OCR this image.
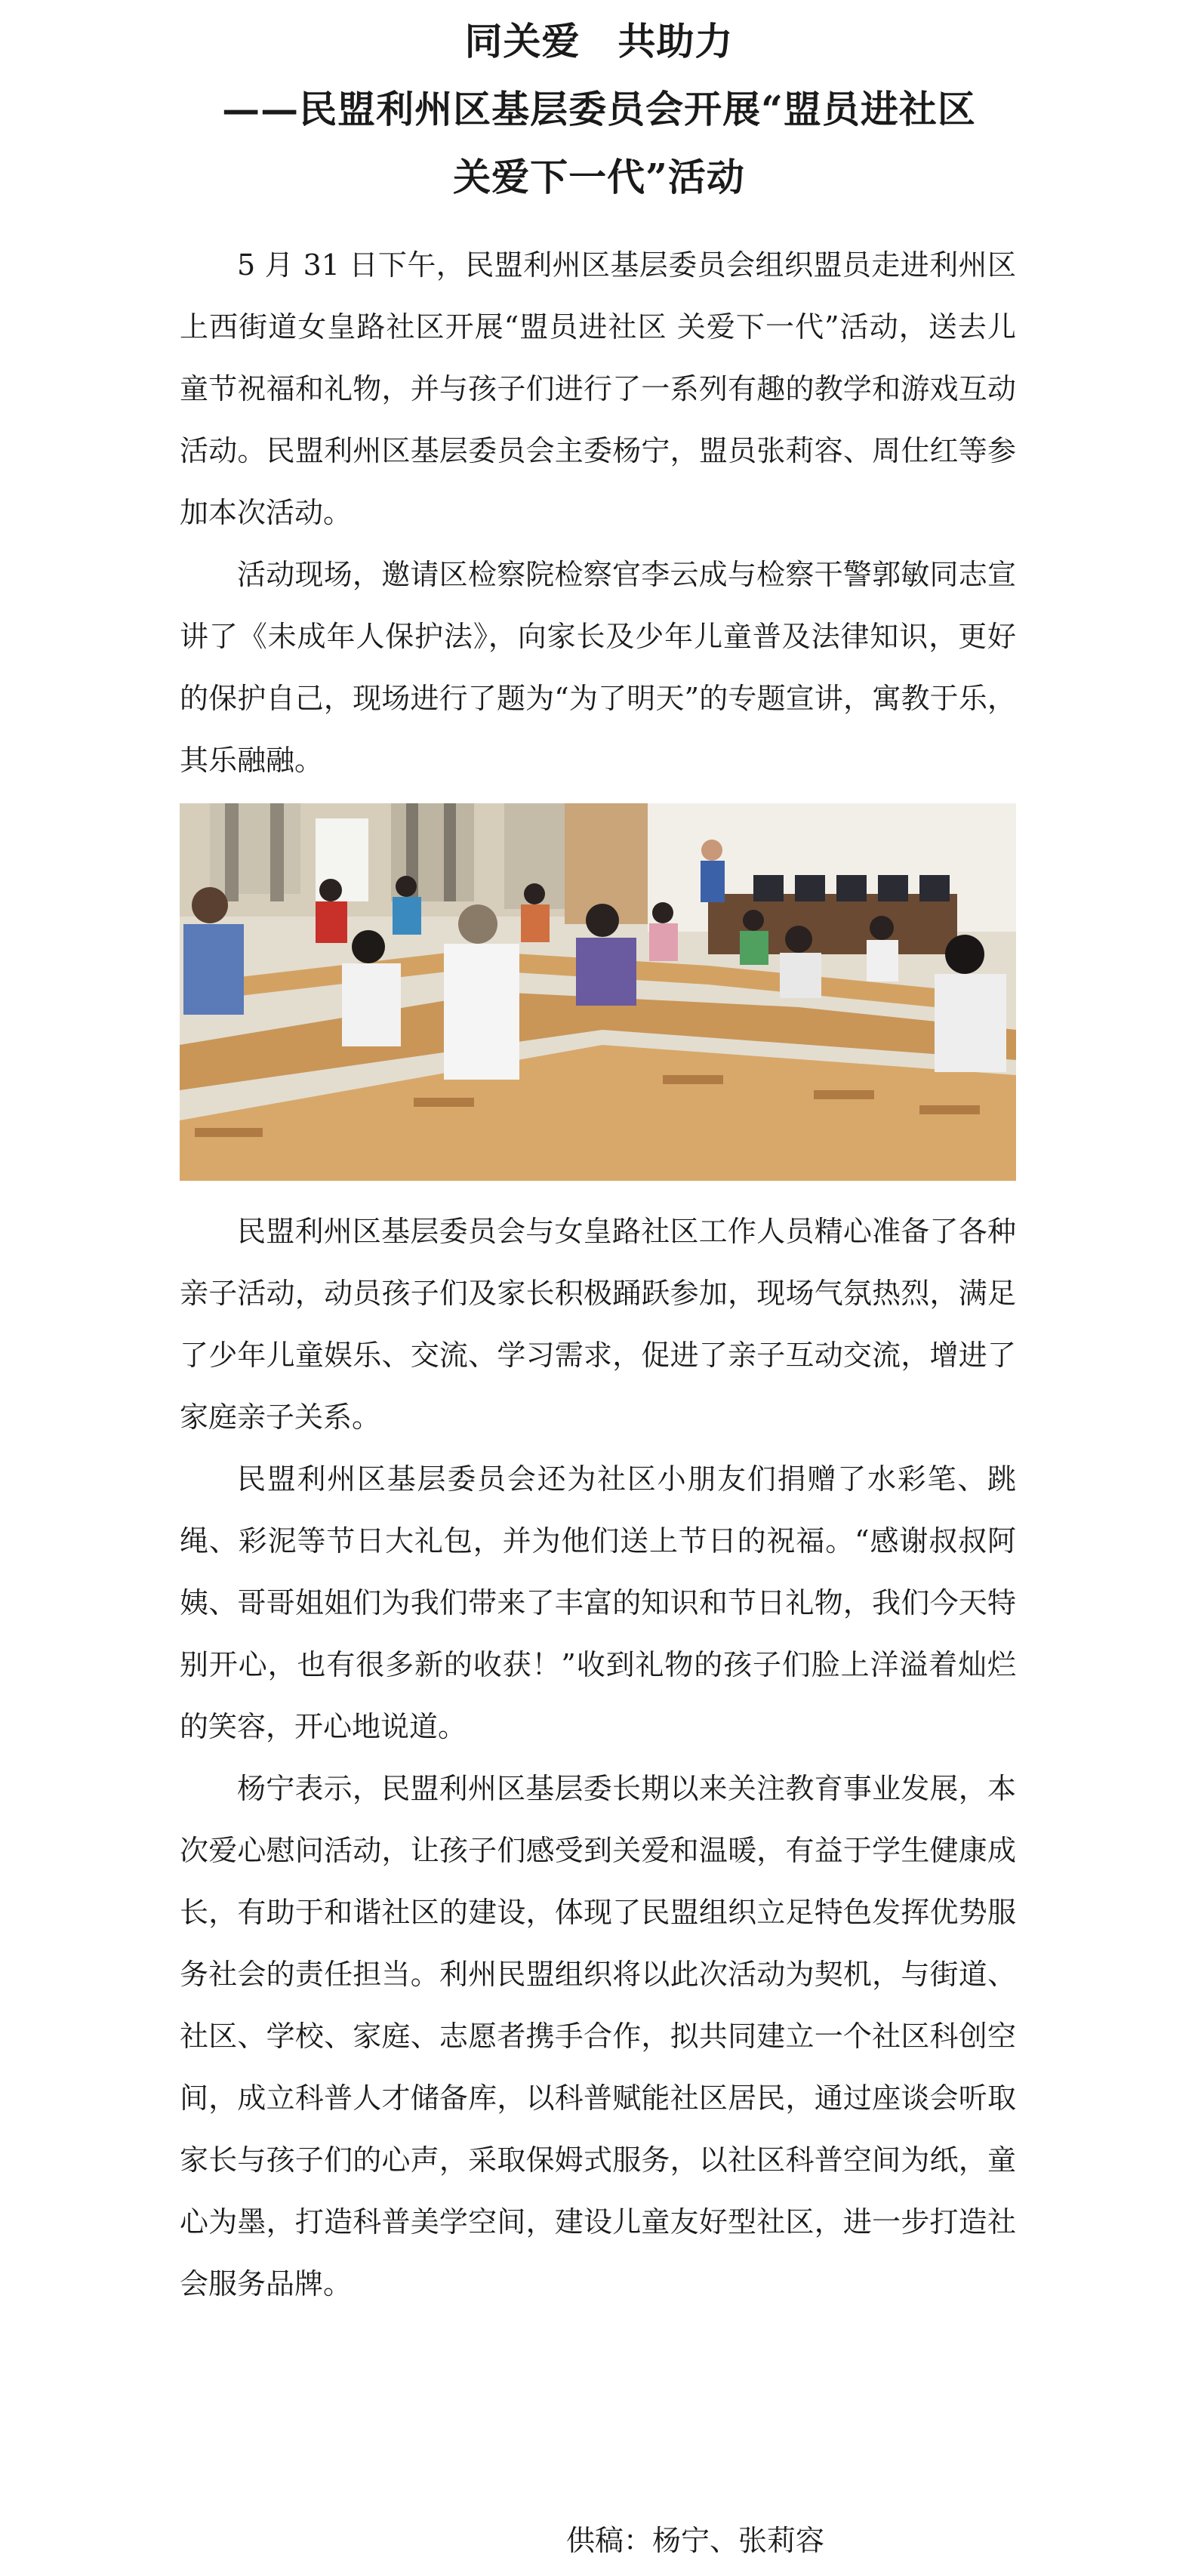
同关爱 共助力
——民盟利州区基层委员会开展“盟员进社区
关爱下一代”活动

5 月 31 日下午，民盟利州区基层委员会组织盟员走进利州区上西街道女皇路社区开展“盟员进社区 关爱下一代”活动，送去儿童节祝福和礼物，并与孩子们进行了一系列有趣的教学和游戏互动活动。民盟利州区基层委员会主委杨宁，盟员张莉容、周仕红等参加本次活动。

活动现场，邀请区检察院检察官李云成与检察干警郭敏同志宣讲了《未成年人保护法》，向家长及少年儿童普及法律知识，更好的保护自己，现场进行了题为“为了明天”的专题宣讲，寓教于乐，其乐融融。

民盟利州区基层委员会与女皇路社区工作人员精心准备了各种亲子活动，动员孩子们及家长积极踊跃参加，现场气氛热烈，满足了少年儿童娱乐、交流、学习需求，促进了亲子互动交流，增进了家庭亲子关系。

民盟利州区基层委员会还为社区小朋友们捐赠了水彩笔、跳绳、彩泥等节日大礼包，并为他们送上节日的祝福。“感谢叔叔阿姨、哥哥姐姐们为我们带来了丰富的知识和节日礼物，我们今天特别开心，也有很多新的收获！”收到礼物的孩子们脸上洋溢着灿烂的笑容，开心地说道。

杨宁表示，民盟利州区基层委长期以来关注教育事业发展，本次爱心慰问活动，让孩子们感受到关爱和温暖，有益于学生健康成长，有助于和谐社区的建设，体现了民盟组织立足特色发挥优势服务社会的责任担当。利州民盟组织将以此次活动为契机，与街道、社区、学校、家庭、志愿者携手合作，拟共同建立一个社区科创空间，成立科普人才储备库，以科普赋能社区居民，通过座谈会听取家长与孩子们的心声，采取保姆式服务，以社区科普空间为纸，童心为墨，打造科普美学空间，建设儿童友好型社区，进一步打造社会服务品牌。

供稿：杨宁、张莉容
